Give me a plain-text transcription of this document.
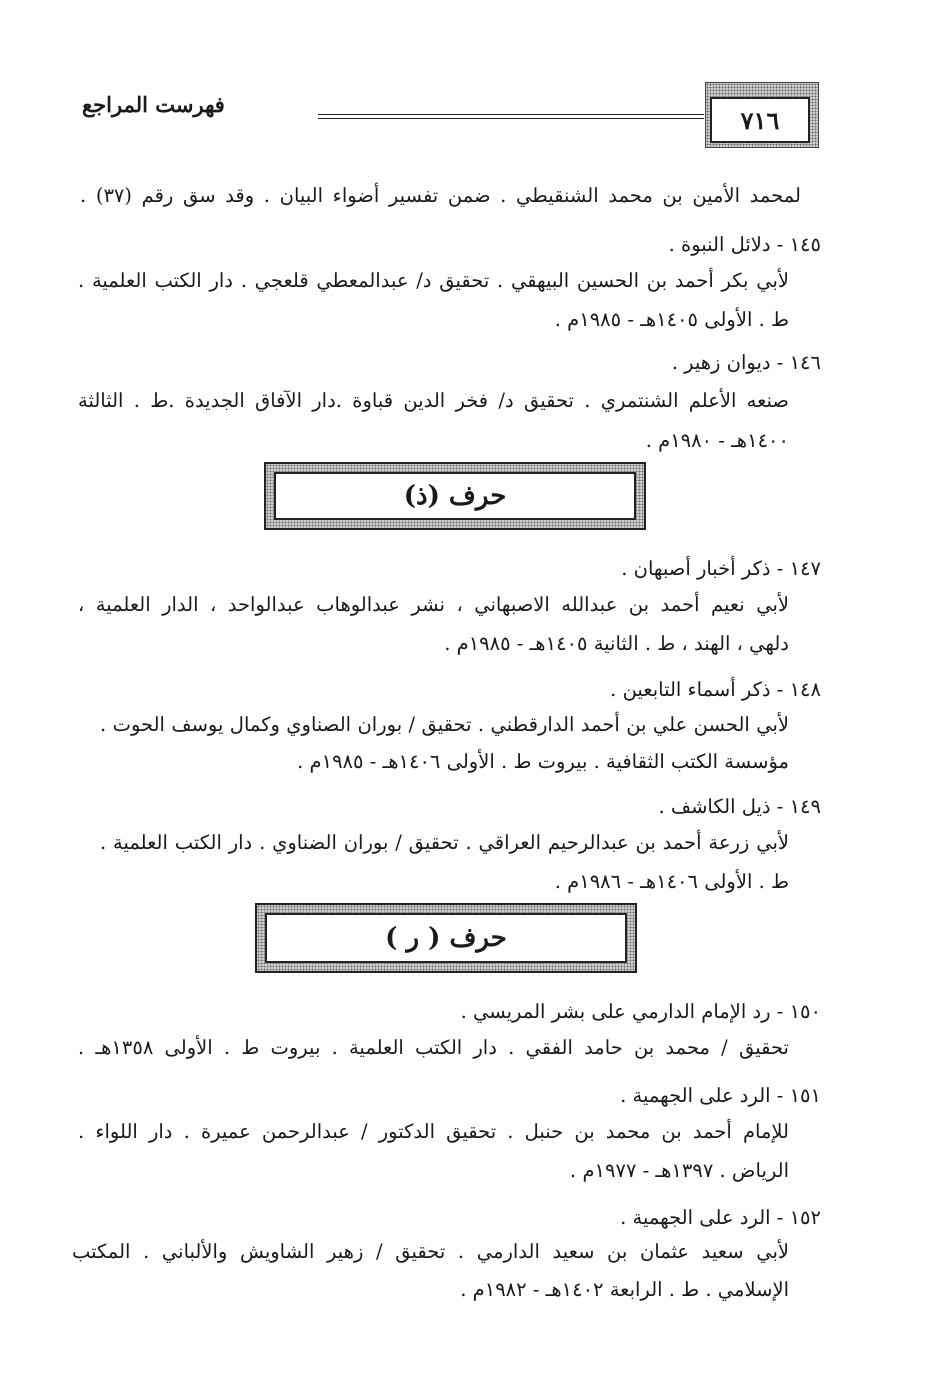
فهرست المراجع
٧١٦
لمحمد الأمين بن محمد الشنقيطي . ضمن تفسير أضواء البيان . وقد سق رقم (٣٧) .
١٤٥ - دلائل النبوة .
لأبي بكر أحمد بن الحسين البيهقي . تحقيق د/ عبدالمعطي قلعجي . دار الكتب العلمية .
ط . الأولى ١٤٠٥هـ - ١٩٨٥م .
١٤٦ - ديوان زهير .
صنعه الأعلم الشنتمري . تحقيق د/ فخر الدين قباوة .دار الآفاق الجديدة .ط . الثالثة
١٤٠٠هـ - ١٩٨٠م .
حرف (ذ)
١٤٧ - ذكر أخبار أصبهان .
لأبي نعيم أحمد بن عبدالله الاصبهاني ، نشر عبدالوهاب عبدالواحد ، الدار العلمية ،
دلهي ، الهند ، ط . الثانية ١٤٠٥هـ - ١٩٨٥م .
١٤٨ - ذكر أسماء التابعين .
لأبي الحسن علي بن أحمد الدارقطني . تحقيق / بوران الصناوي وكمال يوسف الحوت .
مؤسسة الكتب الثقافية . بيروت ط . الأولى ١٤٠٦هـ - ١٩٨٥م .
١٤٩ - ذيل الكاشف .
لأبي زرعة أحمد بن عبدالرحيم العراقي . تحقيق / بوران الضناوي . دار الكتب العلمية .
ط . الأولى ١٤٠٦هـ - ١٩٨٦م .
حرف ( ر )
١٥٠ - رد الإمام الدارمي على بشر المريسي .
تحقيق / محمد بن حامد الفقي . دار الكتب العلمية . بيروت ط . الأولى ١٣٥٨هـ .
١٥١ - الرد على الجهمية .
للإمام أحمد بن محمد بن حنبل . تحقيق الدكتور / عبدالرحمن عميرة . دار اللواء .
الرياض . ١٣٩٧هـ - ١٩٧٧م .
١٥٢ - الرد على الجهمية .
لأبي سعيد عثمان بن سعيد الدارمي . تحقيق / زهير الشاويش والألباني . المكتب
الإسلامي . ط . الرابعة ١٤٠٢هـ - ١٩٨٢م .
